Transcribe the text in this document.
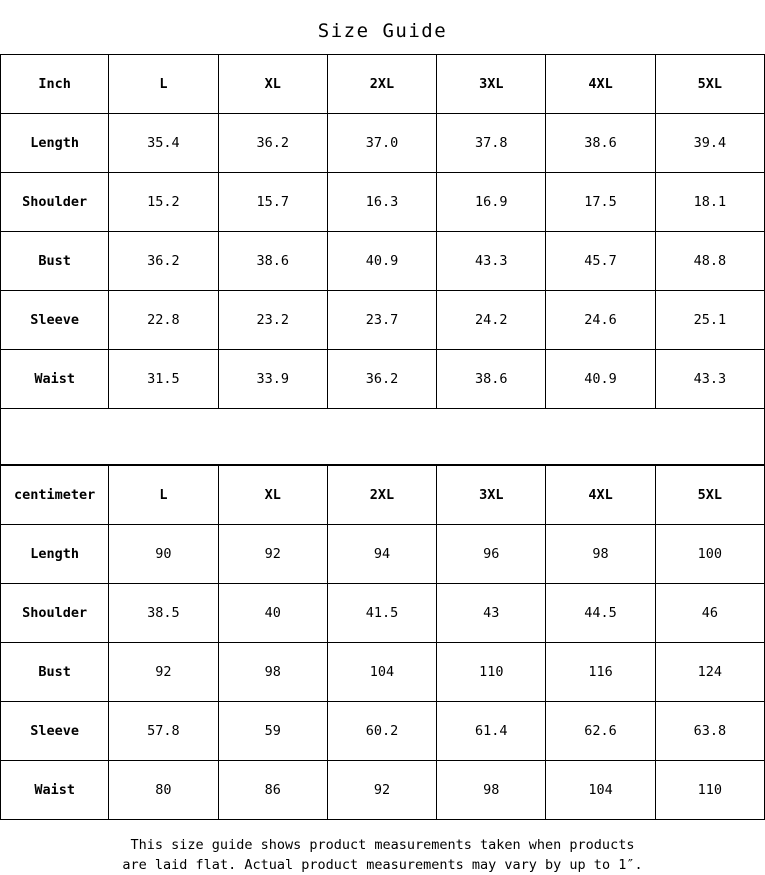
Size Guide
Inch	L	XL	2XL	3XL	4XL	5XL
Length	35.4	36.2	37.0	37.8	38.6	39.4
Shoulder	15.2	15.7	16.3	16.9	17.5	18.1
Bust	36.2	38.6	40.9	43.3	45.7	48.8
Sleeve	22.8	23.2	23.7	24.2	24.6	25.1
Waist	31.5	33.9	36.2	38.6	40.9	43.3
centimeter	L	XL	2XL	3XL	4XL	5XL
Length	90	92	94	96	98	100
Shoulder	38.5	40	41.5	43	44.5	46
Bust	92	98	104	110	116	124
Sleeve	57.8	59	60.2	61.4	62.6	63.8
Waist	80	86	92	98	104	110
This size guide shows product measurements taken when products
are laid flat. Actual product measurements may vary by up to 1″.
